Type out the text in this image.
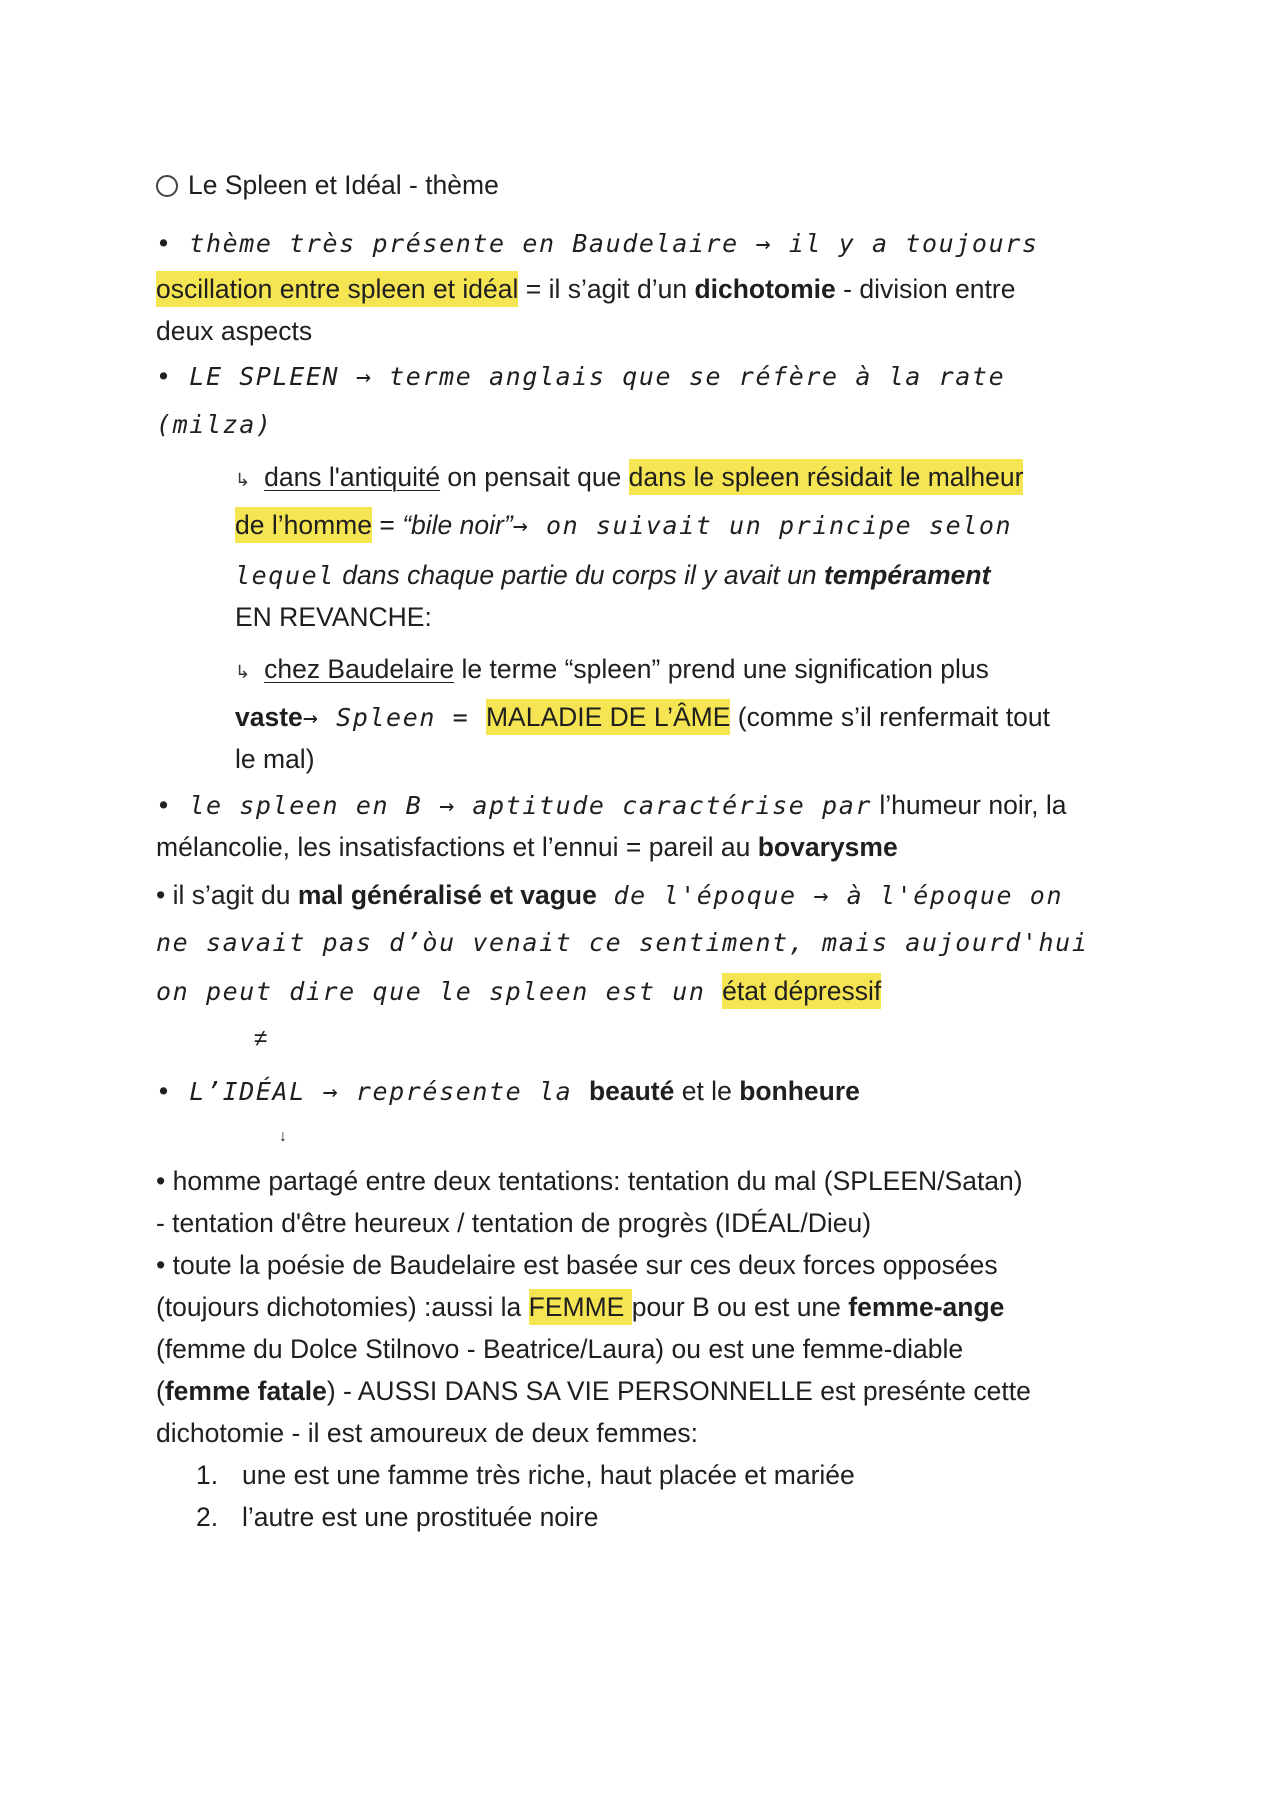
Le Spleen et Idéal - thème
• thème très présente en Baudelaire → il y a toujours
oscillation entre spleen et idéal = il s’agit d’un dichotomie - division entre
deux aspects
• LE SPLEEN → terme anglais que se réfère à la rate
(milza)
↳ dans l'antiquité on pensait que dans le spleen résidait le malheur
de l’homme = “bile noir”→ on suivait un principe selon
lequel dans chaque partie du corps il y avait un tempérament
EN REVANCHE:
↳ chez Baudelaire le terme “spleen” prend une signification plus
vaste→ Spleen = MALADIE DE L’ÂME (comme s’il renfermait tout
le mal)
• le spleen en B → aptitude caractérise par l’humeur noir, la
mélancolie, les insatisfactions et l’ennui = pareil au bovarysme
• il s’agit du mal généralisé et vague de l'époque → à l'époque on
ne savait pas d’òu venait ce sentiment, mais aujourd'hui
on peut dire que le spleen est un état dépressif
≠
• L’IDÉAL → représente la beauté et le bonheure
↓
• homme partagé entre deux tentations: tentation du mal (SPLEEN/Satan)
- tentation d'être heureux / tentation de progrès (IDÉAL/Dieu)
• toute la poésie de Baudelaire est basée sur ces deux forces opposées
(toujours dichotomies) :aussi la FEMME pour B ou est une femme-ange
(femme du Dolce Stilnovo - Beatrice/Laura) ou est une femme-diable
(femme fatale) - AUSSI DANS SA VIE PERSONNELLE est presénte cette
dichotomie - il est amoureux de deux femmes:
1. une est une famme très riche, haut placée et mariée
2. l’autre est une prostituée noire
